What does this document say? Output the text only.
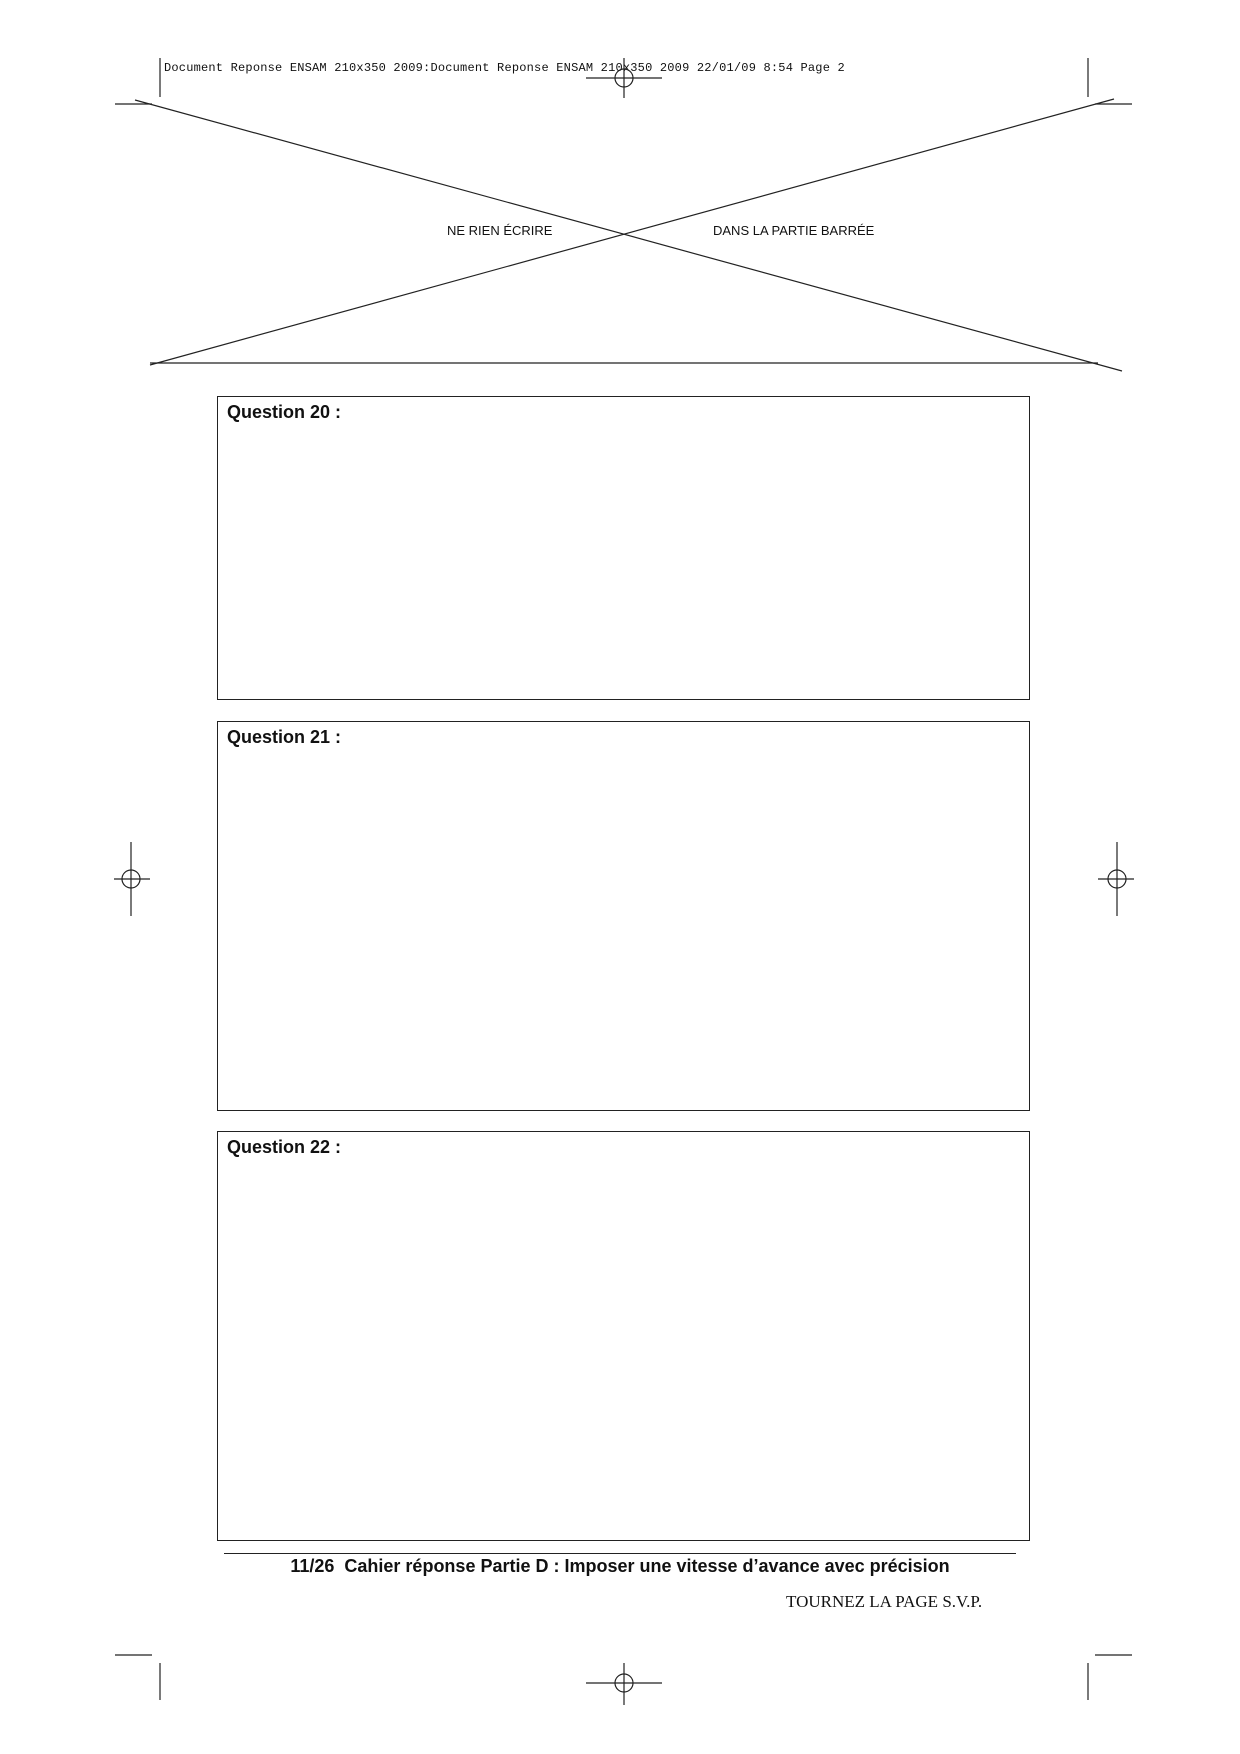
Document Reponse ENSAM 210x350 2009:Document Reponse ENSAM 210x350 2009 22/01/09 8:54 Page 2
NE RIEN ÉCRIRE	DANS LA PARTIE BARRÉE
Question 20 :
Question 21 :
Question 22 :
11/26 Cahier réponse Partie D : Imposer une vitesse d’avance avec précision
TOURNEZ LA PAGE S.V.P.
